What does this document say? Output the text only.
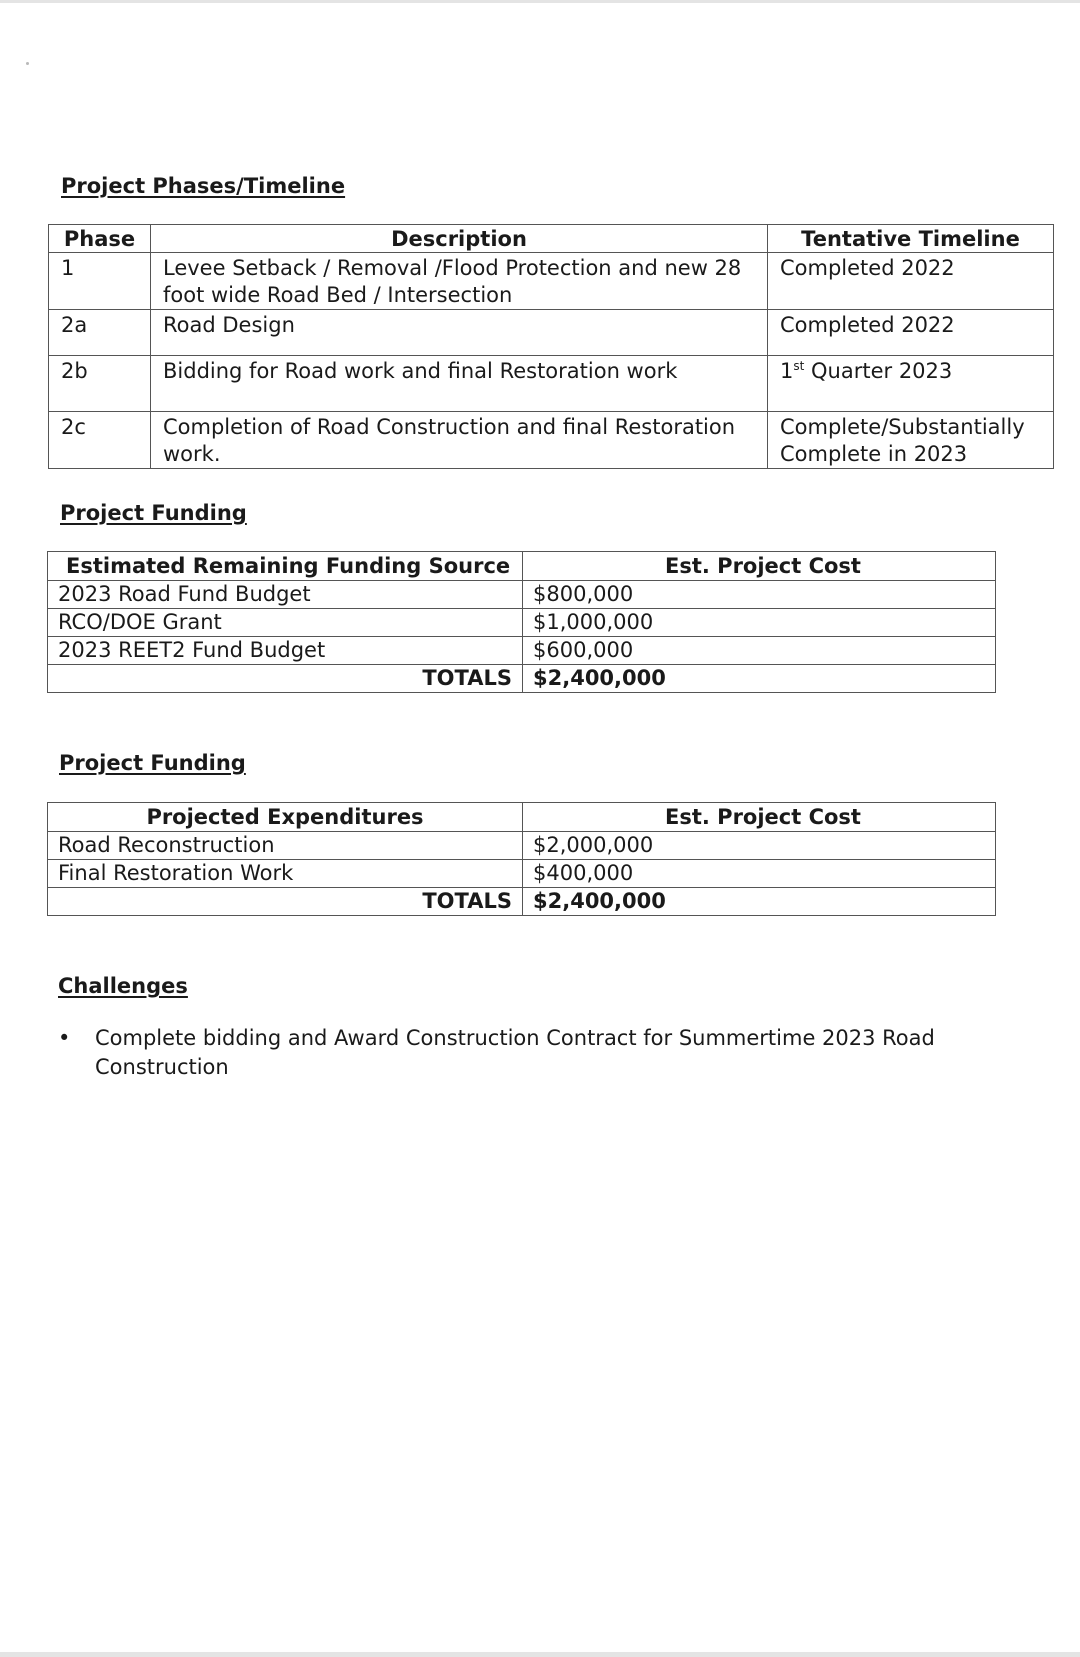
Project Phases/Timeline
Phase	Description	Tentative Timeline
1	Levee Setback / Removal /Flood Protection and new 28 foot wide Road Bed / Intersection	Completed 2022
2a	Road Design	Completed 2022
2b	Bidding for Road work and final Restoration work	1st Quarter 2023
2c	Completion of Road Construction and final Restoration work.	Complete/Substantially Complete in 2023
Project Funding
Estimated Remaining Funding Source	Est. Project Cost
2023 Road Fund Budget	$800,000
RCO/DOE Grant	$1,000,000
2023 REET2 Fund Budget	$600,000
TOTALS	$2,400,000
Project Funding
Projected Expenditures	Est. Project Cost
Road Reconstruction	$2,000,000
Final Restoration Work	$400,000
TOTALS	$2,400,000
Challenges
• Complete bidding and Award Construction Contract for Summertime 2023 Road Construction
